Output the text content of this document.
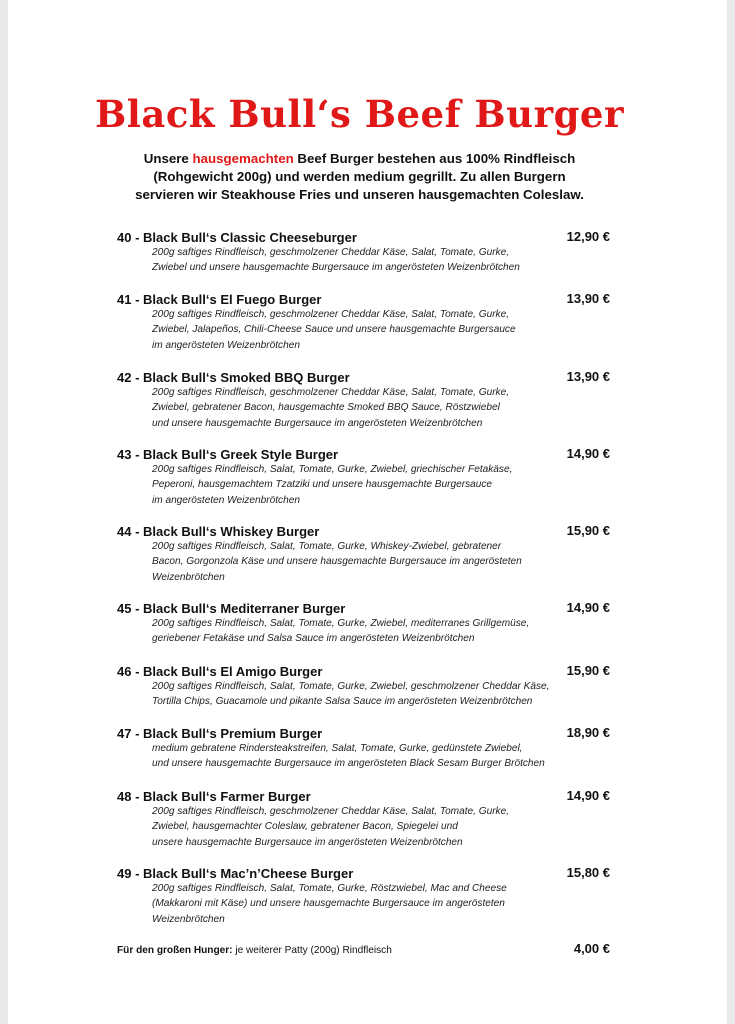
Black Bull‘s Beef Burger
Unsere hausgemachten Beef Burger bestehen aus 100% Rindfleisch
(Rohgewicht 200g) und werden medium gegrillt. Zu allen Burgern
servieren wir Steakhouse Fries und unseren hausgemachten Coleslaw.
40 - Black Bull‘s Classic Cheeseburger	12,90 €
200g saftiges Rindfleisch, geschmolzener Cheddar Käse, Salat, Tomate, Gurke,
Zwiebel und unsere hausgemachte Burgersauce im angerösteten Weizenbrötchen
41 - Black Bull‘s El Fuego Burger	13,90 €
200g saftiges Rindfleisch, geschmolzener Cheddar Käse, Salat, Tomate, Gurke,
Zwiebel, Jalapeños, Chili-Cheese Sauce und unsere hausgemachte Burgersauce
im angerösteten Weizenbrötchen
42 - Black Bull‘s Smoked BBQ Burger	13,90 €
200g saftiges Rindfleisch, geschmolzener Cheddar Käse, Salat, Tomate, Gurke,
Zwiebel, gebratener Bacon, hausgemachte Smoked BBQ Sauce, Röstzwiebel
und unsere hausgemachte Burgersauce im angerösteten Weizenbrötchen
43 - Black Bull‘s Greek Style Burger	14,90 €
200g saftiges Rindfleisch, Salat, Tomate, Gurke, Zwiebel, griechischer Fetakäse,
Peperoni, hausgemachtem Tzatziki und unsere hausgemachte Burgersauce
im angerösteten Weizenbrötchen
44 - Black Bull‘s Whiskey Burger	15,90 €
200g saftiges Rindfleisch, Salat, Tomate, Gurke, Whiskey-Zwiebel, gebratener
Bacon, Gorgonzola Käse und unsere hausgemachte Burgersauce im angerösteten
Weizenbrötchen
45 - Black Bull‘s Mediterraner Burger	14,90 €
200g saftiges Rindfleisch, Salat, Tomate, Gurke, Zwiebel, mediterranes Grillgemüse,
geriebener Fetakäse und Salsa Sauce im angerösteten Weizenbrötchen
46 - Black Bull‘s El Amigo Burger	15,90 €
200g saftiges Rindfleisch, Salat, Tomate, Gurke, Zwiebel, geschmolzener Cheddar Käse,
Tortilla Chips, Guacamole und pikante Salsa Sauce im angerösteten Weizenbrötchen
47 - Black Bull‘s Premium Burger	18,90 €
medium gebratene Rindersteakstreifen, Salat, Tomate, Gurke, gedünstete Zwiebel,
und unsere hausgemachte Burgersauce im angerösteten Black Sesam Burger Brötchen
48 - Black Bull‘s Farmer Burger	14,90 €
200g saftiges Rindfleisch, geschmolzener Cheddar Käse, Salat, Tomate, Gurke,
Zwiebel, hausgemachter Coleslaw, gebratener Bacon, Spiegelei und
unsere hausgemachte Burgersauce im angerösteten Weizenbrötchen
49 - Black Bull‘s Mac’n’Cheese Burger	15,80 €
200g saftiges Rindfleisch, Salat, Tomate, Gurke, Röstzwiebel, Mac and Cheese
(Makkaroni mit Käse) und unsere hausgemachte Burgersauce im angerösteten
Weizenbrötchen
Für den großen Hunger: je weiterer Patty (200g) Rindfleisch	4,00 €
